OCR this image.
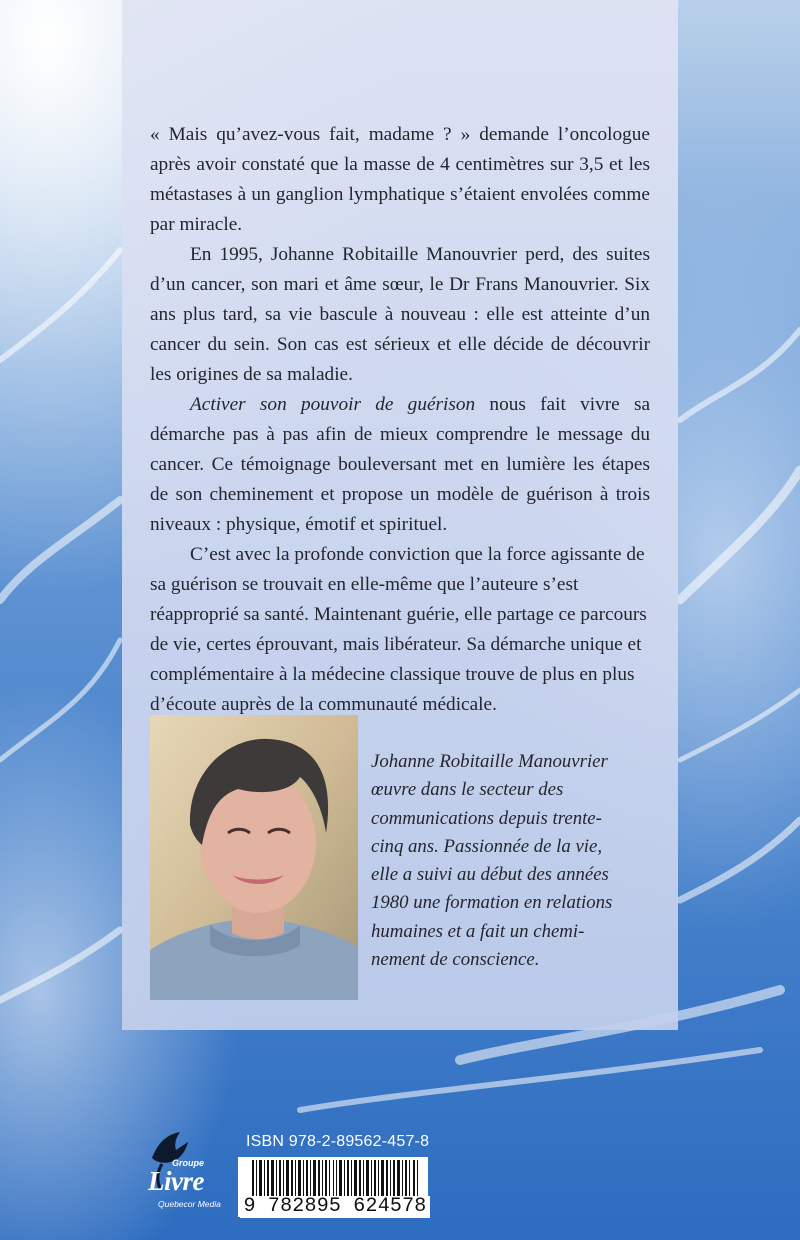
« Mais qu’avez-vous fait, madame ? » demande l’oncologue après avoir constaté que la masse de 4 centimètres sur 3,5 et les métastases à un ganglion lymphatique s’étaient envolées comme par miracle.

En 1995, Johanne Robitaille Manouvrier perd, des suites d’un cancer, son mari et âme sœur, le Dr Frans Manouvrier. Six ans plus tard, sa vie bascule à nouveau : elle est atteinte d’un cancer du sein. Son cas est sérieux et elle décide de découvrir les origines de sa maladie.

Activer son pouvoir de guérison nous fait vivre sa démarche pas à pas afin de mieux comprendre le message du cancer. Ce témoignage bouleversant met en lumière les étapes de son cheminement et propose un modèle de guérison à trois niveaux : physique, émotif et spirituel.

C’est avec la profonde conviction que la force agissante de sa guérison se trouvait en elle-même que l’auteure s’est réapproprié sa santé. Maintenant guérie, elle partage ce parcours de vie, certes éprouvant, mais libérateur. Sa démarche unique et complémentaire à la médecine classique trouve de plus en plus d’écoute auprès de la communauté médicale.

Johanne Robitaille Manouvrier
œuvre dans le secteur des
communications depuis trente-
cinq ans. Passionnée de la vie,
elle a suivi au début des années
1980 une formation en relations
humaines et a fait un chemi-
nement de conscience.
Groupe
Livre
Quebecor Media
ISBN 978-2-89562-457-8
9 782895 624578
